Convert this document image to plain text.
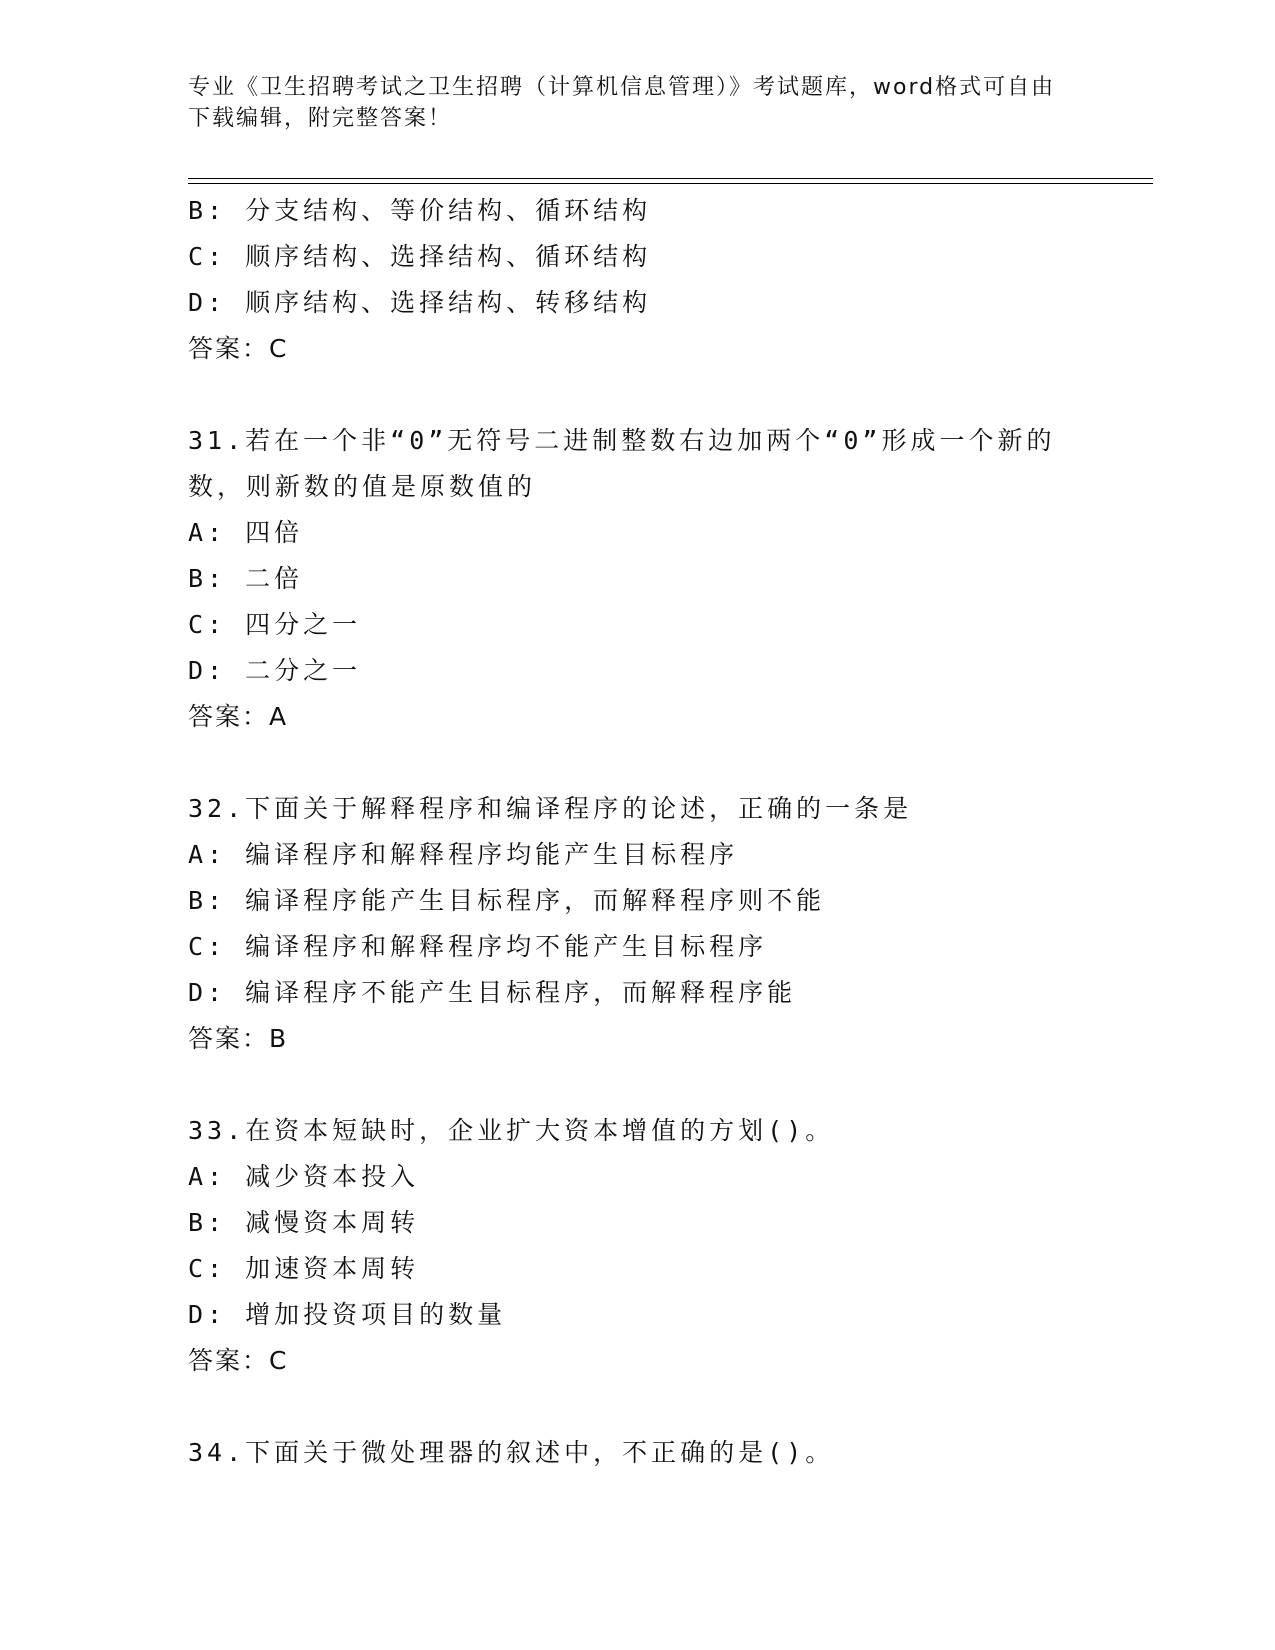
专业《卫生招聘考试之卫生招聘（计算机信息管理）》考试题库，word格式可自由下载编辑，附完整答案！
B: 分支结构、等价结构、循环结构
C: 顺序结构、选择结构、循环结构
D: 顺序结构、选择结构、转移结构
答案：C
31.若在一个非“0”无符号二进制整数右边加两个“0”形成一个新的数，则新数的值是原数值的
A: 四倍
B: 二倍
C: 四分之一
D: 二分之一
答案：A
32.下面关于解释程序和编译程序的论述，正确的一条是
A: 编译程序和解释程序均能产生目标程序
B: 编译程序能产生目标程序，而解释程序则不能
C: 编译程序和解释程序均不能产生目标程序
D: 编译程序不能产生目标程序，而解释程序能
答案：B
33.在资本短缺时，企业扩大资本增值的方划()。
A: 减少资本投入
B: 减慢资本周转
C: 加速资本周转
D: 增加投资项目的数量
答案：C
34.下面关于微处理器的叙述中，不正确的是()。
